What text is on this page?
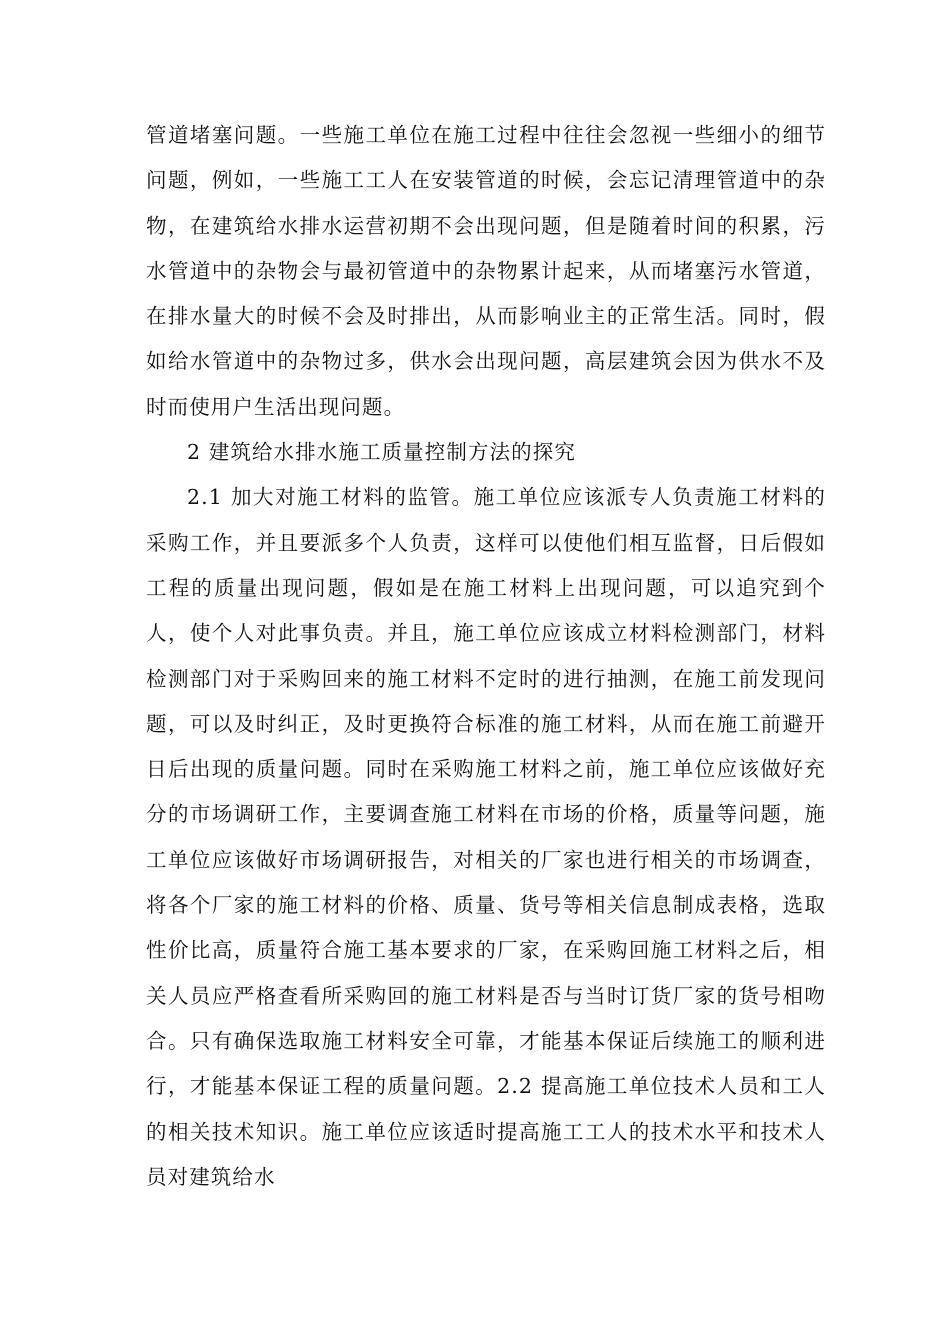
管道堵塞问题。一些施工单位在施工过程中往往会忽视一些细小的细节问题，例如，一些施工工人在安装管道的时候，会忘记清理管道中的杂物，在建筑给水排水运营初期不会出现问题，但是随着时间的积累，污水管道中的杂物会与最初管道中的杂物累计起来，从而堵塞污水管道，在排水量大的时候不会及时排出，从而影响业主的正常生活。同时，假如给水管道中的杂物过多，供水会出现问题，高层建筑会因为供水不及时而使用户生活出现问题。

2 建筑给水排水施工质量控制方法的探究

2.1 加大对施工材料的监管。施工单位应该派专人负责施工材料的采购工作，并且要派多个人负责，这样可以使他们相互监督，日后假如工程的质量出现问题，假如是在施工材料上出现问题，可以追究到个人，使个人对此事负责。并且，施工单位应该成立材料检测部门，材料检测部门对于采购回来的施工材料不定时的进行抽测，在施工前发现问题，可以及时纠正，及时更换符合标准的施工材料，从而在施工前避开日后出现的质量问题。同时在采购施工材料之前，施工单位应该做好充分的市场调研工作，主要调查施工材料在市场的价格，质量等问题，施工单位应该做好市场调研报告，对相关的厂家也进行相关的市场调查，将各个厂家的施工材料的价格、质量、货号等相关信息制成表格，选取性价比高，质量符合施工基本要求的厂家，在采购回施工材料之后，相关人员应严格查看所采购回的施工材料是否与当时订货厂家的货号相吻合。只有确保选取施工材料安全可靠，才能基本保证后续施工的顺利进行，才能基本保证工程的质量问题。2.2 提高施工单位技术人员和工人的相关技术知识。施工单位应该适时提高施工工人的技术水平和技术人员对建筑给水
